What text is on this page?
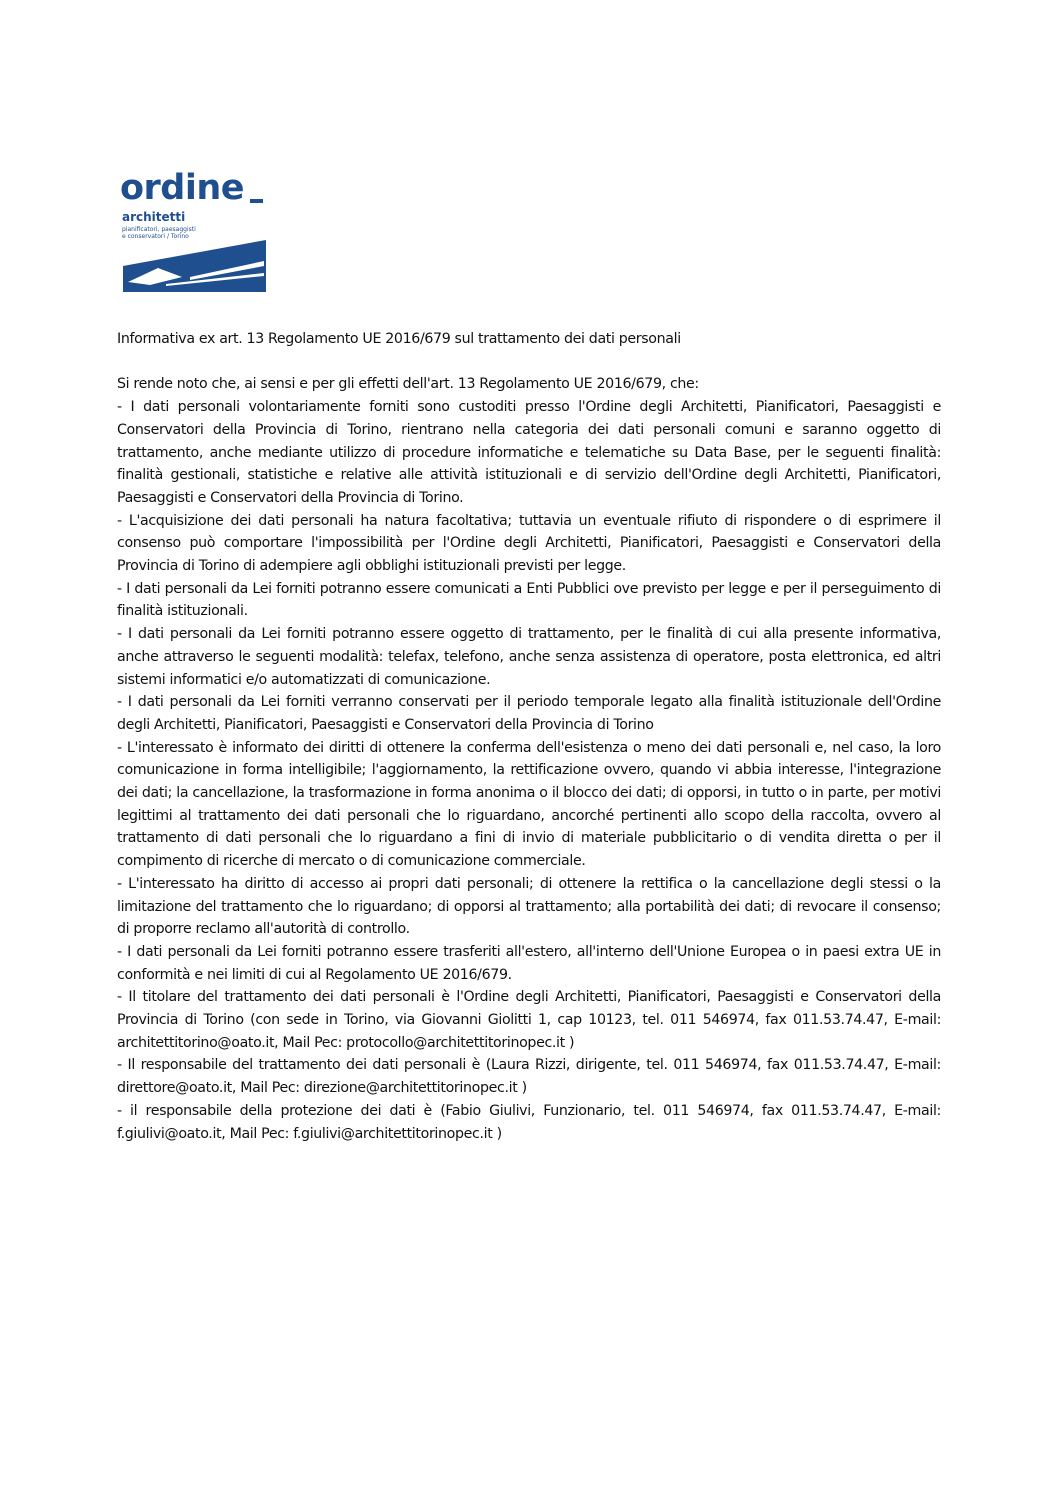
ordine
architetti
pianificatori, paesaggisti
e conservatori / Torino
Informativa ex art. 13 Regolamento UE 2016/679 sul trattamento dei dati personali

Si rende noto che, ai sensi e per gli effetti dell'art. 13 Regolamento UE 2016/679, che:

- I dati personali volontariamente forniti sono custoditi presso l'Ordine degli Architetti, Pianificatori, Paesaggisti e Conservatori della Provincia di Torino, rientrano nella categoria dei dati personali comuni e saranno oggetto di trattamento, anche mediante utilizzo di procedure informatiche e telematiche su Data Base, per le seguenti finalità: finalità gestionali, statistiche e relative alle attività istituzionali e di servizio dell'Ordine degli Architetti, Pianificatori, Paesaggisti e Conservatori della Provincia di Torino.

- L'acquisizione dei dati personali ha natura facoltativa; tuttavia un eventuale rifiuto di rispondere o di esprimere il consenso può comportare l'impossibilità per l'Ordine degli Architetti, Pianificatori, Paesaggisti e Conservatori della Provincia di Torino di adempiere agli obblighi istituzionali previsti per legge.

- I dati personali da Lei forniti potranno essere comunicati a Enti Pubblici ove previsto per legge e per il perseguimento di finalità istituzionali.

- I dati personali da Lei forniti potranno essere oggetto di trattamento, per le finalità di cui alla presente informativa, anche attraverso le seguenti modalità: telefax, telefono, anche senza assistenza di operatore, posta elettronica, ed altri sistemi informatici e/o automatizzati di comunicazione.

- I dati personali da Lei forniti verranno conservati per il periodo temporale legato alla finalità istituzionale dell'Ordine degli Architetti, Pianificatori, Paesaggisti e Conservatori della Provincia di Torino

- L'interessato è informato dei diritti di ottenere la conferma dell'esistenza o meno dei dati personali e, nel caso, la loro comunicazione in forma intelligibile; l'aggiornamento, la rettificazione ovvero, quando vi abbia interesse, l'integrazione dei dati; la cancellazione, la trasformazione in forma anonima o il blocco dei dati; di opporsi, in tutto o in parte, per motivi legittimi al trattamento dei dati personali che lo riguardano, ancorché pertinenti allo scopo della raccolta, ovvero al trattamento di dati personali che lo riguardano a fini di invio di materiale pubblicitario o di vendita diretta o per il compimento di ricerche di mercato o di comunicazione commerciale.

- L'interessato ha diritto di accesso ai propri dati personali; di ottenere la rettifica o la cancellazione degli stessi o la limitazione del trattamento che lo riguardano; di opporsi al trattamento; alla portabilità dei dati; di revocare il consenso; di proporre reclamo all'autorità di controllo.

- I dati personali da Lei forniti potranno essere trasferiti all'estero, all'interno dell'Unione Europea o in paesi extra UE in conformità e nei limiti di cui al Regolamento UE 2016/679.

- Il titolare del trattamento dei dati personali è l'Ordine degli Architetti, Pianificatori, Paesaggisti e Conservatori della Provincia di Torino (con sede in Torino, via Giovanni Giolitti 1, cap 10123, tel. 011 546974, fax 011.53.74.47, E-mail: architettitorino@oato.it, Mail Pec: protocollo@architettitorinopec.it )

- Il responsabile del trattamento dei dati personali è (Laura Rizzi, dirigente, tel. 011 546974, fax 011.53.74.47, E-mail: direttore@oato.it, Mail Pec: direzione@architettitorinopec.it )

- il responsabile della protezione dei dati è (Fabio Giulivi, Funzionario, tel. 011 546974, fax 011.53.74.47, E-mail: f.giulivi@oato.it, Mail Pec: f.giulivi@architettitorinopec.it )
